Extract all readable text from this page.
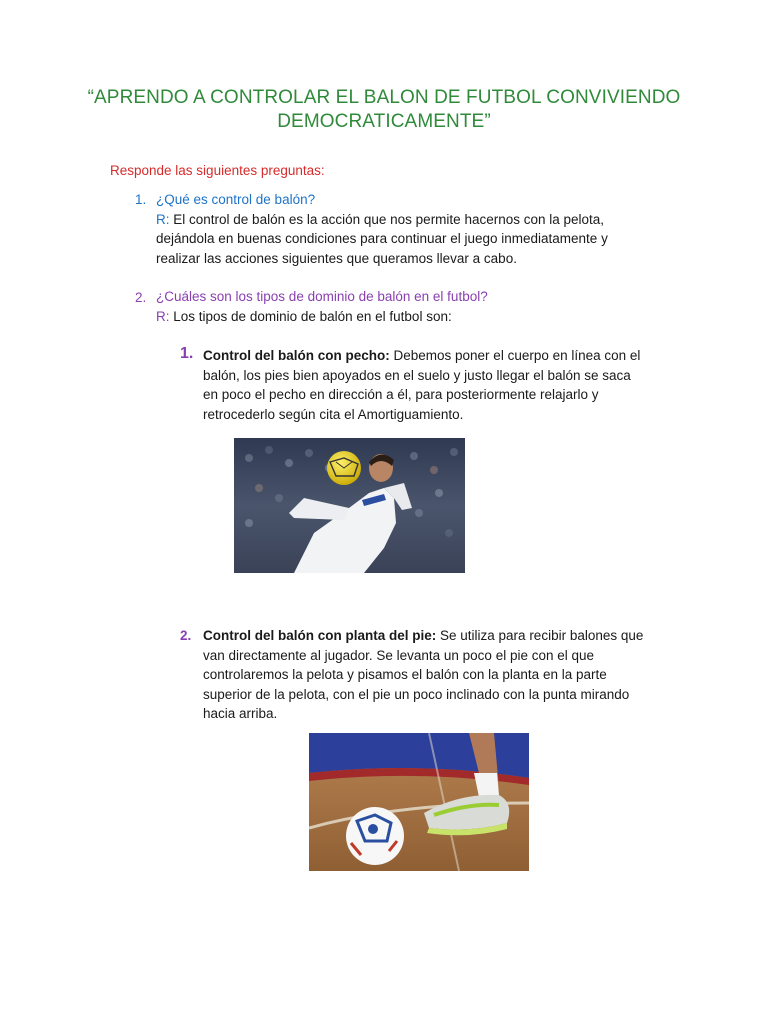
“APRENDO A CONTROLAR EL BALON DE FUTBOL CONVIVIENDO
DEMOCRATICAMENTE”
Responde las siguientes preguntas:
1. ¿Qué es control de balón?
R: El control de balón es la acción que nos permite hacernos con la pelota,
dejándola en buenas condiciones para continuar el juego inmediatamente y
realizar las acciones siguientes que queramos llevar a cabo.
2. ¿Cuáles son los tipos de dominio de balón en el futbol?
R: Los tipos de dominio de balón en el futbol son:
1. Control del balón con pecho: Debemos poner el cuerpo en línea con el
balón, los pies bien apoyados en el suelo y justo llegar el balón se saca
en poco el pecho en dirección a él, para posteriormente relajarlo y
retrocederlo según cita el Amortiguamiento.
2. Control del balón con planta del pie: Se utiliza para recibir balones que
van directamente al jugador. Se levanta un poco el pie con el que
controlaremos la pelota y pisamos el balón con la planta en la parte
superior de la pelota, con el pie un poco inclinado con la punta mirando
hacia arriba.
